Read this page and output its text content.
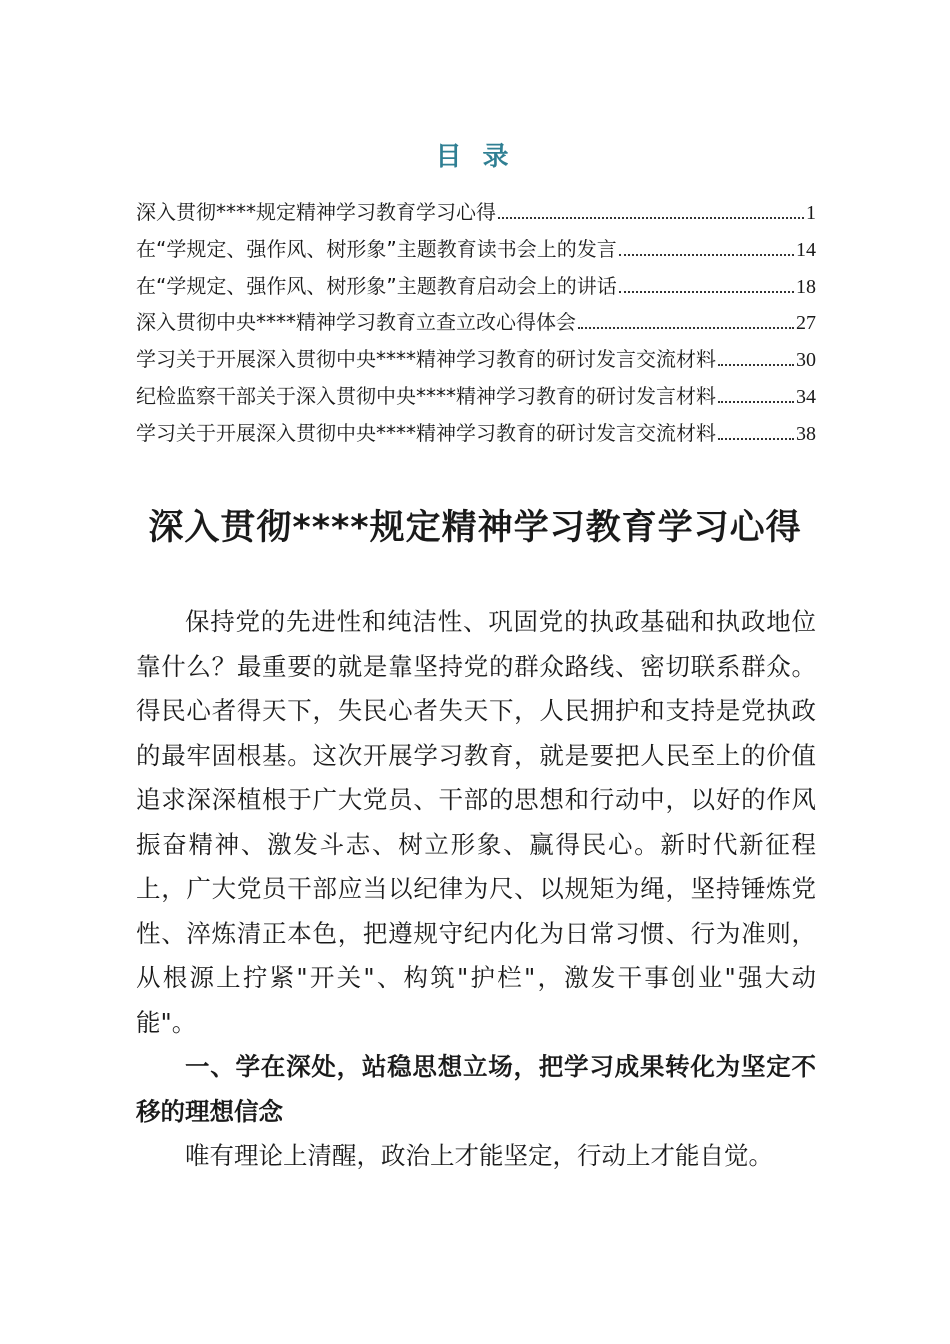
目 录
深入贯彻****规定精神学习教育学习心得	1
在“学规定、强作风、树形象”主题教育读书会上的发言	14
在“学规定、强作风、树形象”主题教育启动会上的讲话	18
深入贯彻中央****精神学习教育立查立改心得体会	27
学习关于开展深入贯彻中央****精神学习教育的研讨发言交流材料	30
纪检监察干部关于深入贯彻中央****精神学习教育的研讨发言材料	34
学习关于开展深入贯彻中央****精神学习教育的研讨发言交流材料	38
深入贯彻****规定精神学习教育学习心得

保持党的先进性和纯洁性、巩固党的执政基础和执政地位靠什么？最重要的就是靠坚持党的群众路线、密切联系群众。得民心者得天下，失民心者失天下，人民拥护和支持是党执政的最牢固根基。这次开展学习教育，就是要把人民至上的价值追求深深植根于广大党员、干部的思想和行动中，以好的作风振奋精神、激发斗志、树立形象、赢得民心。新时代新征程上，广大党员干部应当以纪律为尺、以规矩为绳，坚持锤炼党性、淬炼清正本色，把遵规守纪内化为日常习惯、行为准则，从根源上拧紧"开关"、构筑"护栏"，激发干事创业"强大动能"。

一、学在深处，站稳思想立场，把学习成果转化为坚定不移的理想信念

唯有理论上清醒，政治上才能坚定，行动上才能自觉。
